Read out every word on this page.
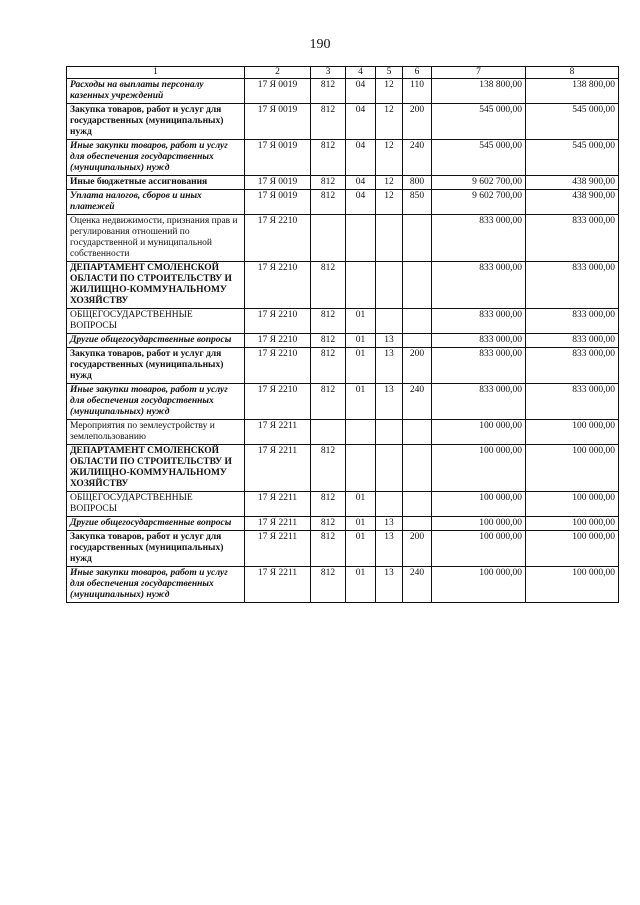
190
1	2	3	4	5	6	7	8
Расходы на выплаты персоналу казенных учреждений	17 Я 0019	812	04	12	110	138 800,00	138 800,00
Закупка товаров, работ и услуг для государственных (муниципальных) нужд	17 Я 0019	812	04	12	200	545 000,00	545 000,00
Иные закупки товаров, работ и услуг для обеспечения государственных (муниципальных) нужд	17 Я 0019	812	04	12	240	545 000,00	545 000,00
Иные бюджетные ассигнования	17 Я 0019	812	04	12	800	9 602 700,00	438 900,00
Уплата налогов, сборов и иных платежей	17 Я 0019	812	04	12	850	9 602 700,00	438 900,00
Оценка недвижимости, признания прав и регулирования отношений по государственной и муниципальной собственности	17 Я 2210					833 000,00	833 000,00
ДЕПАРТАМЕНТ СМОЛЕНСКОЙ ОБЛАСТИ ПО СТРОИТЕЛЬСТВУ И ЖИЛИЩНО-КОММУНАЛЬНОМУ ХОЗЯЙСТВУ	17 Я 2210	812				833 000,00	833 000,00
ОБЩЕГОСУДАРСТВЕННЫЕ ВОПРОСЫ	17 Я 2210	812	01			833 000,00	833 000,00
Другие общегосударственные вопросы	17 Я 2210	812	01	13		833 000,00	833 000,00
Закупка товаров, работ и услуг для государственных (муниципальных) нужд	17 Я 2210	812	01	13	200	833 000,00	833 000,00
Иные закупки товаров, работ и услуг для обеспечения государственных (муниципальных) нужд	17 Я 2210	812	01	13	240	833 000,00	833 000,00
Мероприятия по землеустройству и землепользованию	17 Я 2211					100 000,00	100 000,00
ДЕПАРТАМЕНТ СМОЛЕНСКОЙ ОБЛАСТИ ПО СТРОИТЕЛЬСТВУ И ЖИЛИЩНО-КОММУНАЛЬНОМУ ХОЗЯЙСТВУ	17 Я 2211	812				100 000,00	100 000,00
ОБЩЕГОСУДАРСТВЕННЫЕ ВОПРОСЫ	17 Я 2211	812	01			100 000,00	100 000,00
Другие общегосударственные вопросы	17 Я 2211	812	01	13		100 000,00	100 000,00
Закупка товаров, работ и услуг для государственных (муниципальных) нужд	17 Я 2211	812	01	13	200	100 000,00	100 000,00
Иные закупки товаров, работ и услуг для обеспечения государственных (муниципальных) нужд	17 Я 2211	812	01	13	240	100 000,00	100 000,00
